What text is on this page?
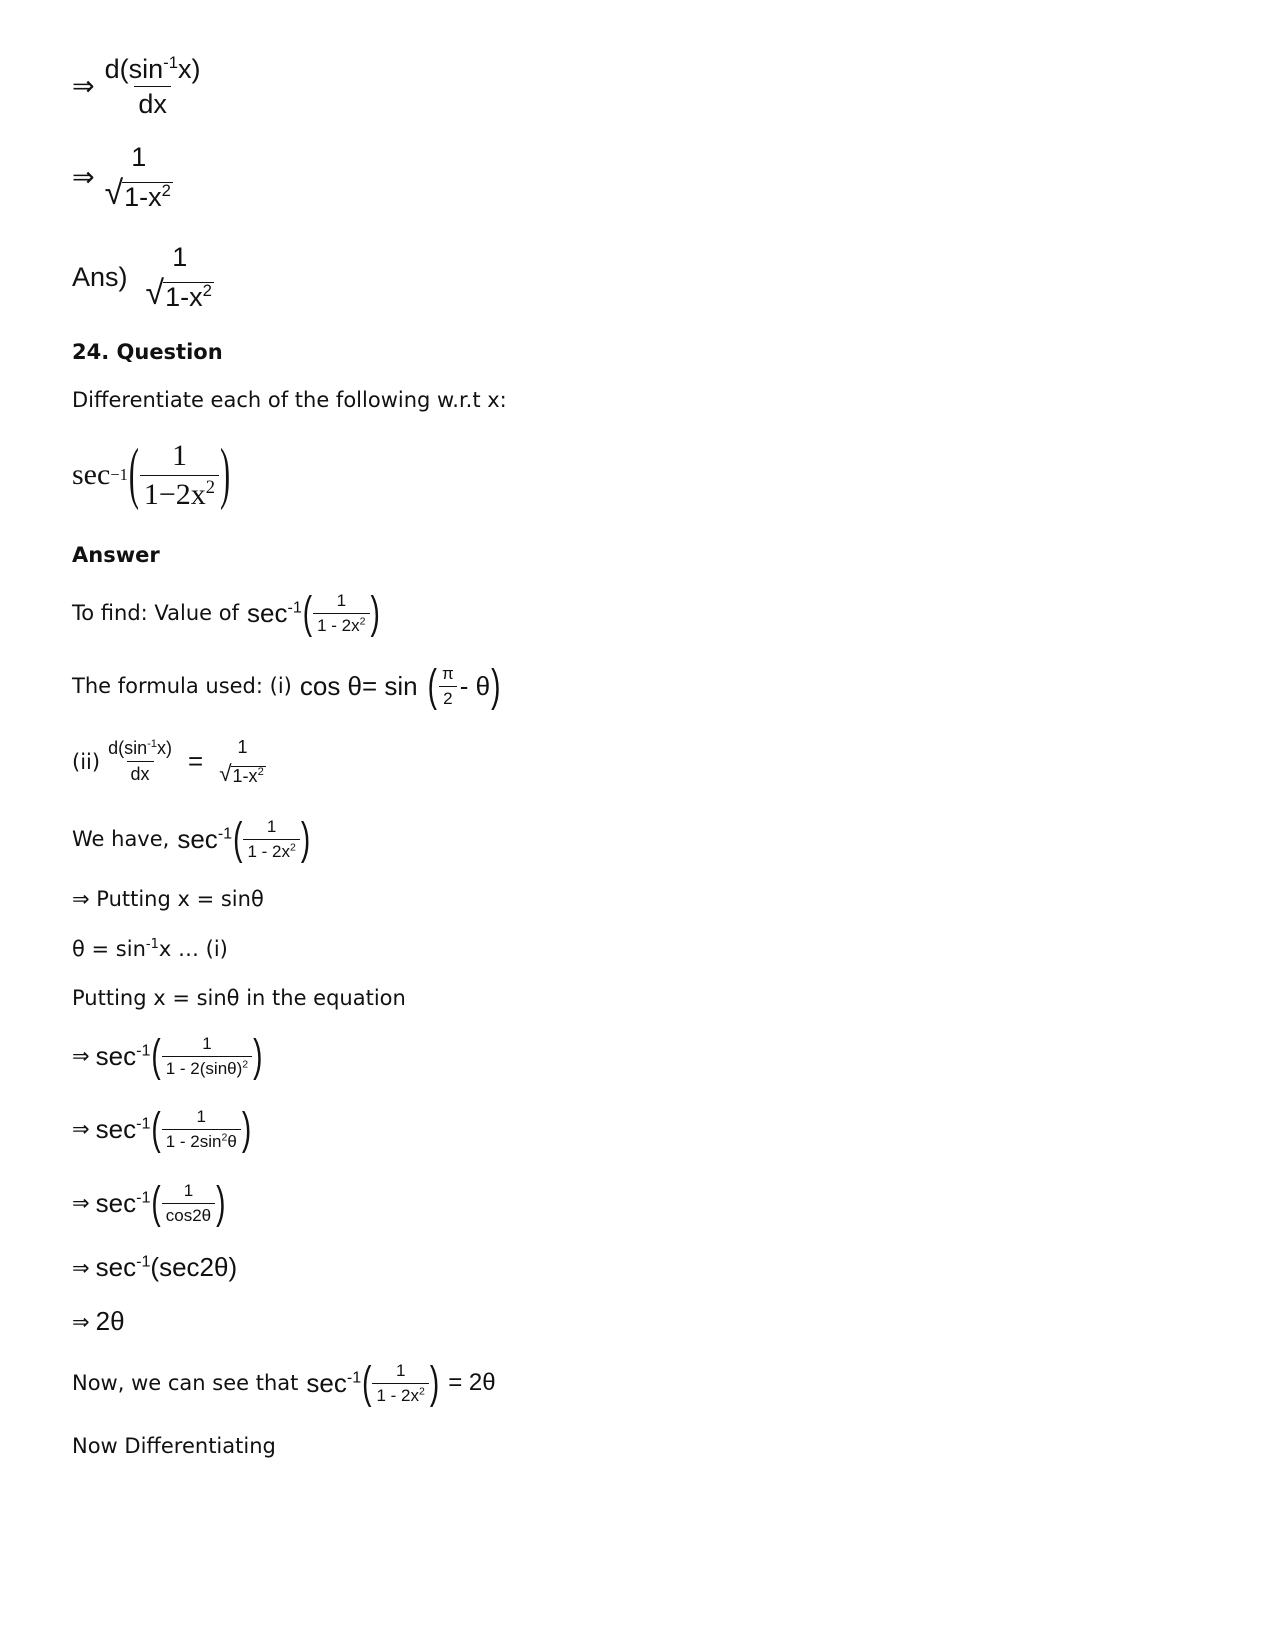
⇒ $\frac{d(\sin^{-1}x)}{dx}$
⇒
1
√ $1-x^2$
Ans)
1
√ $1-x^2$
24. Question
Differentiate each of the following w.r.t x:
sec −1 ( $\frac{1}{1-2x^2}$ )
Answer
To find: Value of $\sec^{-1}$ ( $\frac{1}{1 - 2x^2}$ )
The formula used: (i) cos θ= sin ( $\frac{\pi}{2}$ - θ )
$(ii) \frac{d(\sin^{-1}x)}{dx} = 1$
√ $1-x^2$
We have, $\sec^{-1}$ ( $\frac{1}{1 - 2x^2}$ )
⇒ Putting x = sinθ
$\theta = \sin^{-1}x$ … (i)
Putting x = sinθ in the equation
⇒ $\sec^{-1}$ ( $\frac{1}{1 - 2(\sin\theta)^2}$ )
⇒ $\sec^{-1}$ ( $\frac{1}{1 - 2\sin^2\theta}$ )
⇒ $\sec^{-1}$ ( $\frac{1}{\cos 2\theta}$ )
⇒ $\sec^{-1}(\sec 2\theta)$
⇒ 2θ
Now, we can see that $\sec^{-1}$ ( $\frac{1}{1 - 2x^2}$ ) = 2θ
Now Differentiating
